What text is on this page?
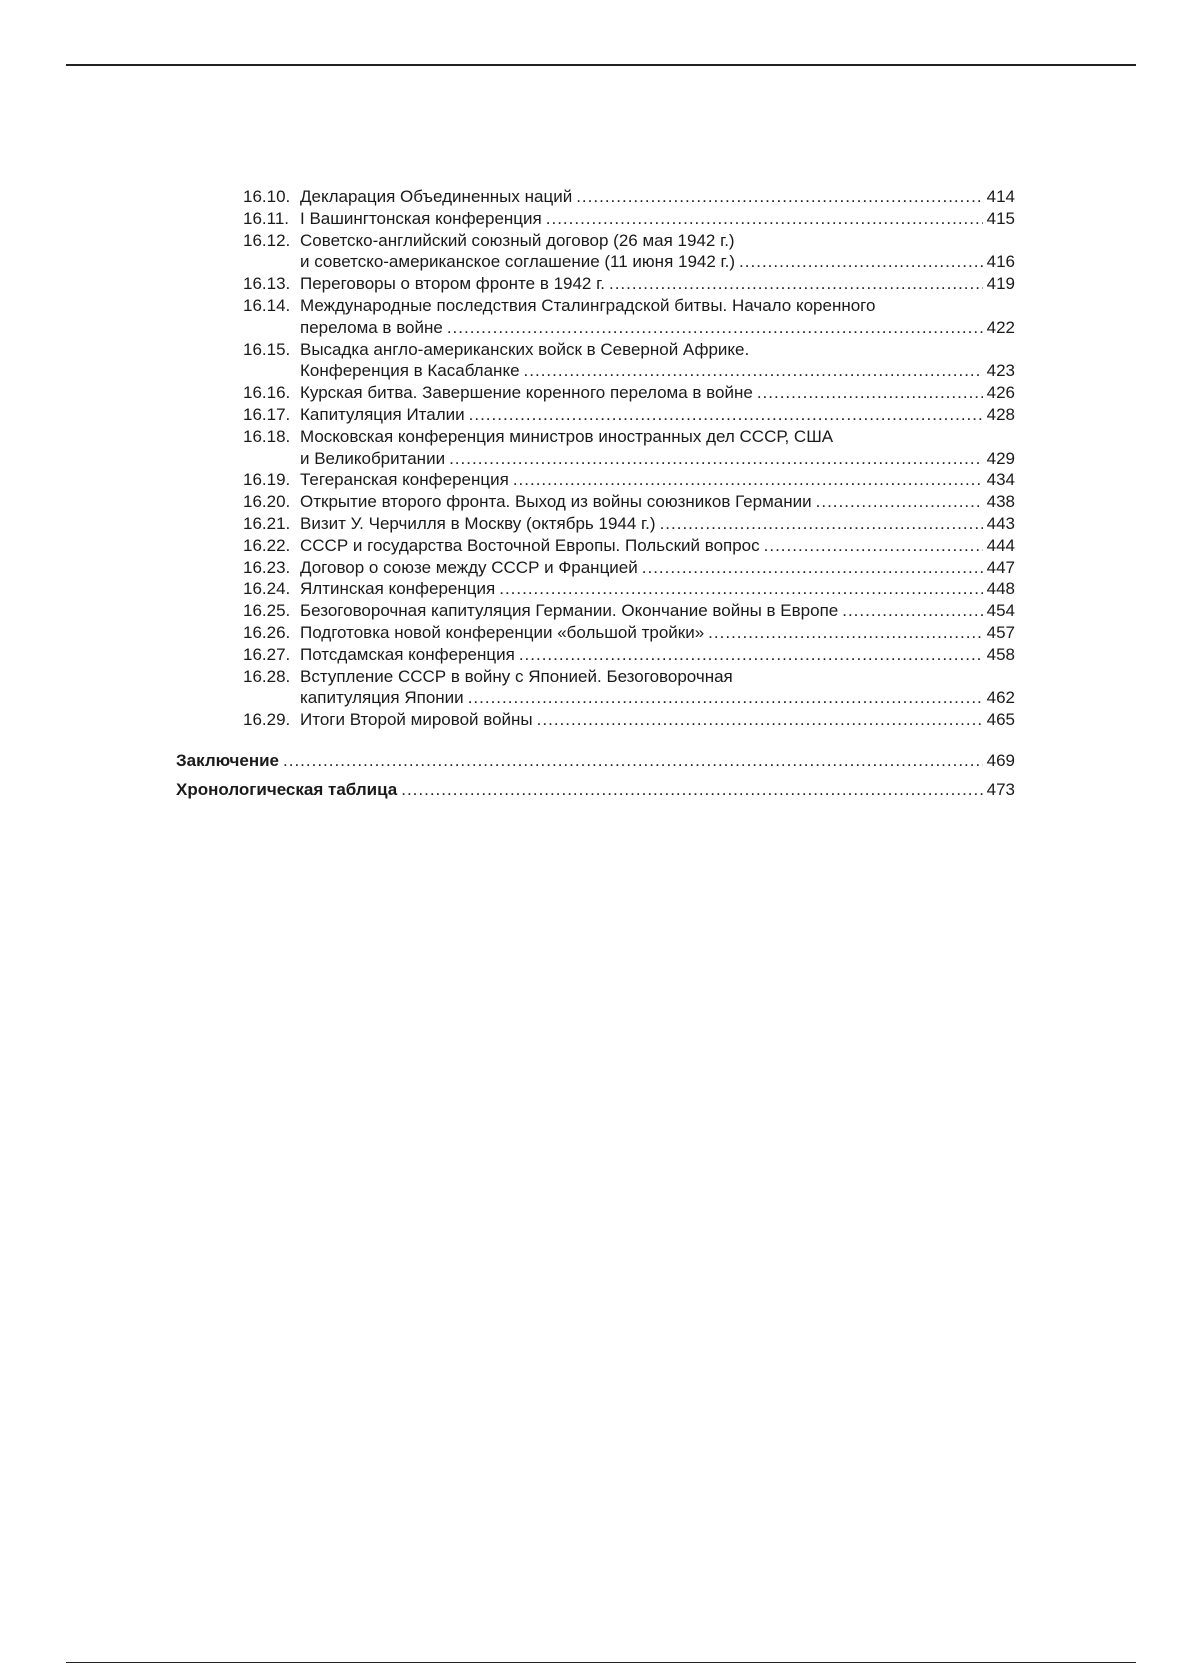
16.10. Декларация Объединенных наций .....	414
16.11. I Вашингтонская конференция .....	415
16.12. Советско-английский союзный договор (26 мая 1942 г.)
и советско-американское соглашение (11 июня 1942 г.) .....	416
16.13. Переговоры о втором фронте в 1942 г. .....	419
16.14. Международные последствия Сталинградской битвы. Начало коренного
перелома в войне .....	422
16.15. Высадка англо-американских войск в Северной Африке.
Конференция в Касабланке .....	423
16.16. Курская битва. Завершение коренного перелома в войне .....	426
16.17. Капитуляция Италии .....	428
16.18. Московская конференция министров иностранных дел СССР, США
и Великобритании .....	429
16.19. Тегеранская конференция .....	434
16.20. Открытие второго фронта. Выход из войны союзников Германии .....	438
16.21. Визит У. Черчилля в Москву (октябрь 1944 г.) .....	443
16.22. СССР и государства Восточной Европы. Польский вопрос .....	444
16.23. Договор о союзе между СССР и Францией .....	447
16.24. Ялтинская конференция .....	448
16.25. Безоговорочная капитуляция Германии. Окончание войны в Европе .....	454
16.26. Подготовка новой конференции «большой тройки» .....	457
16.27. Потсдамская конференция .....	458
16.28. Вступление СССР в войну с Японией. Безоговорочная
капитуляция Японии .....	462
16.29. Итоги Второй мировой войны .....	465
Заключение .....	469
Хронологическая таблица .....	473
